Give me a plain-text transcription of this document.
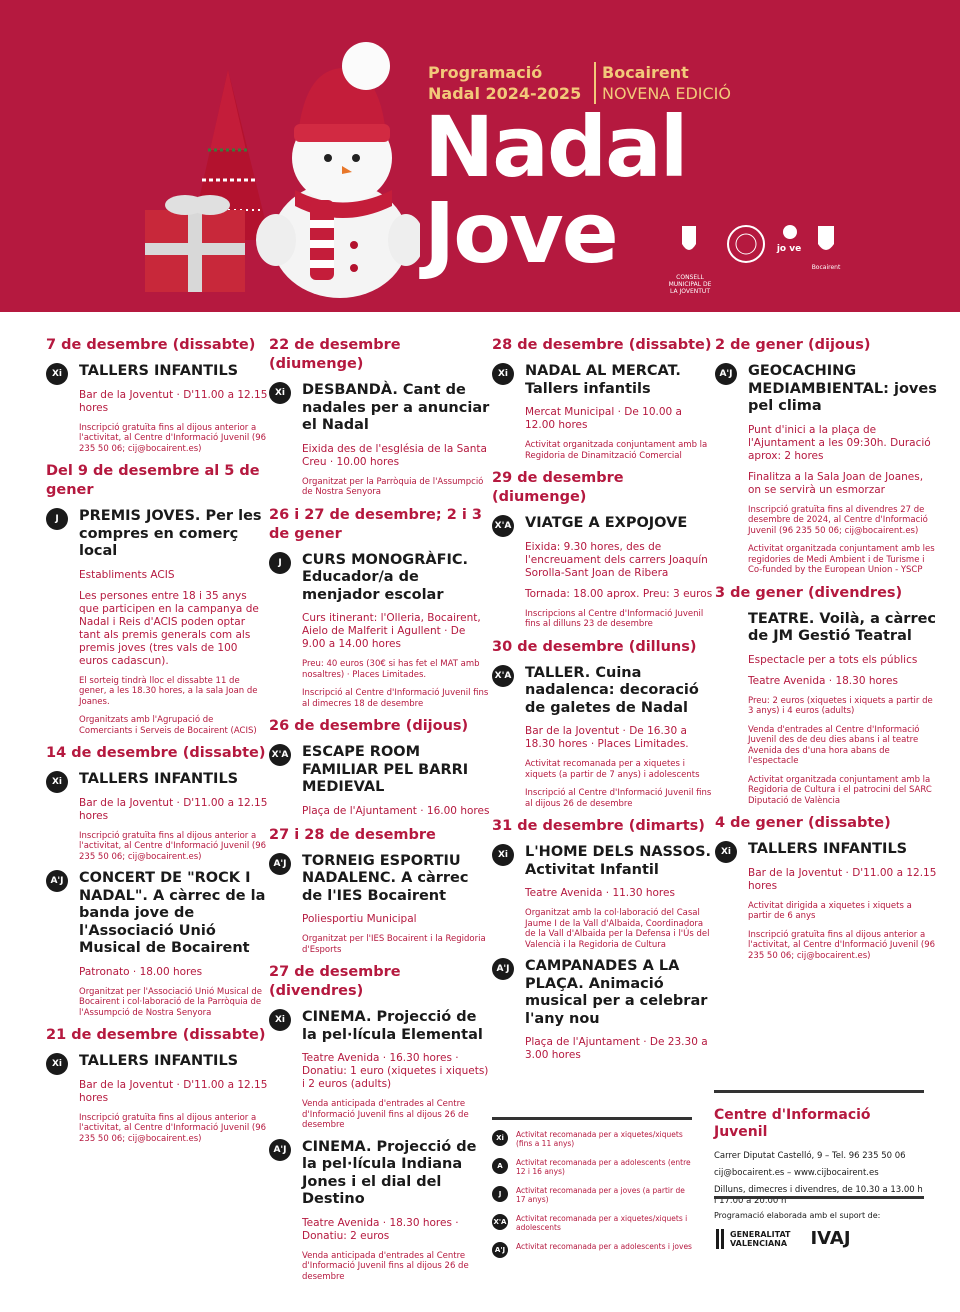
Programació
Nadal 2024-2025
Bocairent
NOVENA EDICIÓ
Nadal
Jove	CONSELL MUNICIPAL DE LA JOVENTUT
jo ve
Bocairent
7 de desembre (dissabte)
Xi	TALLERS INFANTILS
Bar de la Joventut · D'11.00 a 12.15 hores
Inscripció gratuïta fins al dijous anterior a l'activitat, al Centre d'Informació Juvenil (96 235 50 06; cij@bocairent.es)
Del 9 de desembre al 5 de gener
J	PREMIS JOVES. Per les compres en comerç local
Establiments ACIS
Les persones entre 18 i 35 anys que participen en la campanya de Nadal i Reis d'ACIS poden optar tant als premis generals com als premis joves (tres vals de 100 euros cadascun).
El sorteig tindrà lloc el dissabte 11 de gener, a les 18.30 hores, a la sala Joan de Joanes.
Organitzats amb l'Agrupació de Comerciants i Serveis de Bocairent (ACIS)
14 de desembre (dissabte)
Xi	TALLERS INFANTILS
Bar de la Joventut · D'11.00 a 12.15 hores
Inscripció gratuïta fins al dijous anterior a l'activitat, al Centre d'Informació Juvenil (96 235 50 06; cij@bocairent.es)
A'J	CONCERT DE "ROCK I NADAL". A càrrec de la banda jove de l'Associació Unió Musical de Bocairent
Patronato · 18.00 hores
Organitzat per l'Associació Unió Musical de Bocairent i col·laboració de la Parròquia de l'Assumpció de Nostra Senyora
21 de desembre (dissabte)
Xi	TALLERS INFANTILS
Bar de la Joventut · D'11.00 a 12.15 hores
Inscripció gratuïta fins al dijous anterior a l'activitat, al Centre d'Informació Juvenil (96 235 50 06; cij@bocairent.es)
22 de desembre (diumenge)
Xi	DESBANDÀ. Cant de nadales per a anunciar el Nadal
Eixida des de l'església de la Santa Creu · 10.00 hores
Organitzat per la Parròquia de l'Assumpció de Nostra Senyora
26 i 27 de desembre; 2 i 3 de gener
J	CURS MONOGRÀFIC. Educador/a de menjador escolar
Curs itinerant: l'Olleria, Bocairent, Aielo de Malferit i Agullent · De 9.00 a 14.00 hores
Preu: 40 euros (30€ si has fet el MAT amb nosaltres) · Places Limitades.
Inscripció al Centre d'Informació Juvenil fins al dimecres 18 de desembre
26 de desembre (dijous)
X'A ESCAPE ROOM FAMILIAR PEL BARRI MEDIEVAL
Plaça de l'Ajuntament · 16.00 hores
27 i 28 de desembre
A'J	TORNEIG ESPORTIU NADALENC. A càrrec de l'IES Bocairent
Poliesportiu Municipal
Organitzat per l'IES Bocairent i la Regidoria d'Esports
27 de desembre (divendres)
Xi	CINEMA. Projecció de la pel·lícula Elemental
Teatre Avenida · 16.30 hores · Donatiu: 1 euro (xiquetes i xiquets) i 2 euros (adults)
Venda anticipada d'entrades al Centre d'Informació Juvenil fins al dijous 26 de desembre
A'J	CINEMA. Projecció de la pel·lícula Indiana Jones i el dial del Destino
Teatre Avenida · 18.30 hores · Donatiu: 2 euros
Venda anticipada d'entrades al Centre d'Informació Juvenil fins al dijous 26 de desembre
28 de desembre (dissabte)
Xi	NADAL AL MERCAT. Tallers infantils
Mercat Municipal · De 10.00 a 12.00 hores
Activitat organitzada conjuntament amb la Regidoria de Dinamització Comercial
29 de desembre (diumenge)
X'A VIATGE A EXPOJOVE
Eixida: 9.30 hores, des de l'encreuament dels carrers Joaquín Sorolla-Sant Joan de Ribera
Tornada: 18.00 aprox. Preu: 3 euros
Inscripcions al Centre d'Informació Juvenil fins al dilluns 23 de desembre
30 de desembre (dilluns)
X'A TALLER. Cuina nadalenca: decoració de galetes de Nadal
Bar de la Joventut · De 16.30 a 18.30 hores · Places Limitades.
Activitat recomanada per a xiquetes i xiquets (a partir de 7 anys) i adolescents
Inscripció al Centre d'Informació Juvenil fins al dijous 26 de desembre
31 de desembre (dimarts)
Xi	L'HOME DELS NASSOS. Activitat Infantil
Teatre Avenida · 11.30 hores
Organitzat amb la col·laboració del Casal Jaume I de la Vall d'Albaida, Coordinadora de la Vall d'Albaida per la Defensa i l'Ús del Valencià i la Regidoria de Cultura
A'J	CAMPANADES A LA PLAÇA. Animació musical per a celebrar l'any nou
Plaça de l'Ajuntament · De 23.30 a 3.00 hores
2 de gener (dijous)
A'J	GEOCACHING MEDIAMBIENTAL: joves pel clima
Punt d'inici a la plaça de l'Ajuntament a les 09:30h. Duració aprox: 2 hores
Finalitza a la Sala Joan de Joanes, on se servirà un esmorzar
Inscripció gratuïta fins al divendres 27 de desembre de 2024, al Centre d'Informació Juvenil (96 235 50 06; cij@bocairent.es)
Activitat organitzada conjuntament amb les regidories de Medi Ambient i de Turisme i Co-funded by the European Union - YSCP
3 de gener (divendres)
TEATRE. Voilà, a càrrec de JM Gestió Teatral
Espectacle per a tots els públics
Teatre Avenida · 18.30 hores
Preu: 2 euros (xiquetes i xiquets a partir de 3 anys) i 4 euros (adults)
Venda d'entrades al Centre d'Informació Juvenil des de deu dies abans i al teatre Avenida des d'una hora abans de l'espectacle
Activitat organitzada conjuntament amb la Regidoria de Cultura i el patrocini del SARC Diputació de València
4 de gener (dissabte)
Xi	TALLERS INFANTILS
Bar de la Joventut · D'11.00 a 12.15 hores
Activitat dirigida a xiquetes i xiquets a partir de 6 anys
Inscripció gratuïta fins al dijous anterior a l'activitat, al Centre d'Informació Juvenil (96 235 50 06; cij@bocairent.es)
Xi	Activitat recomanada per a xiquetes/xiquets (fins a 11 anys)
A	Activitat recomanada per a adolescents (entre 12 i 16 anys)
J	Activitat recomanada per a joves (a partir de 17 anys)
X'A Activitat recomanada per a xiquetes/xiquets i adolescents
A'J	Activitat recomanada per a adolescents i joves
Centre d'Informació Juvenil

Carrer Diputat Castelló, 9 – Tel. 96 235 50 06

cij@bocairent.es – www.cijbocairent.es

Dilluns, dimecres i divendres, de 10.30 a 13.00 h i 17.00 a 20.00 h

Programació elaborada amb el suport de:
GENERALITAT
VALENCIANA IVAJ
